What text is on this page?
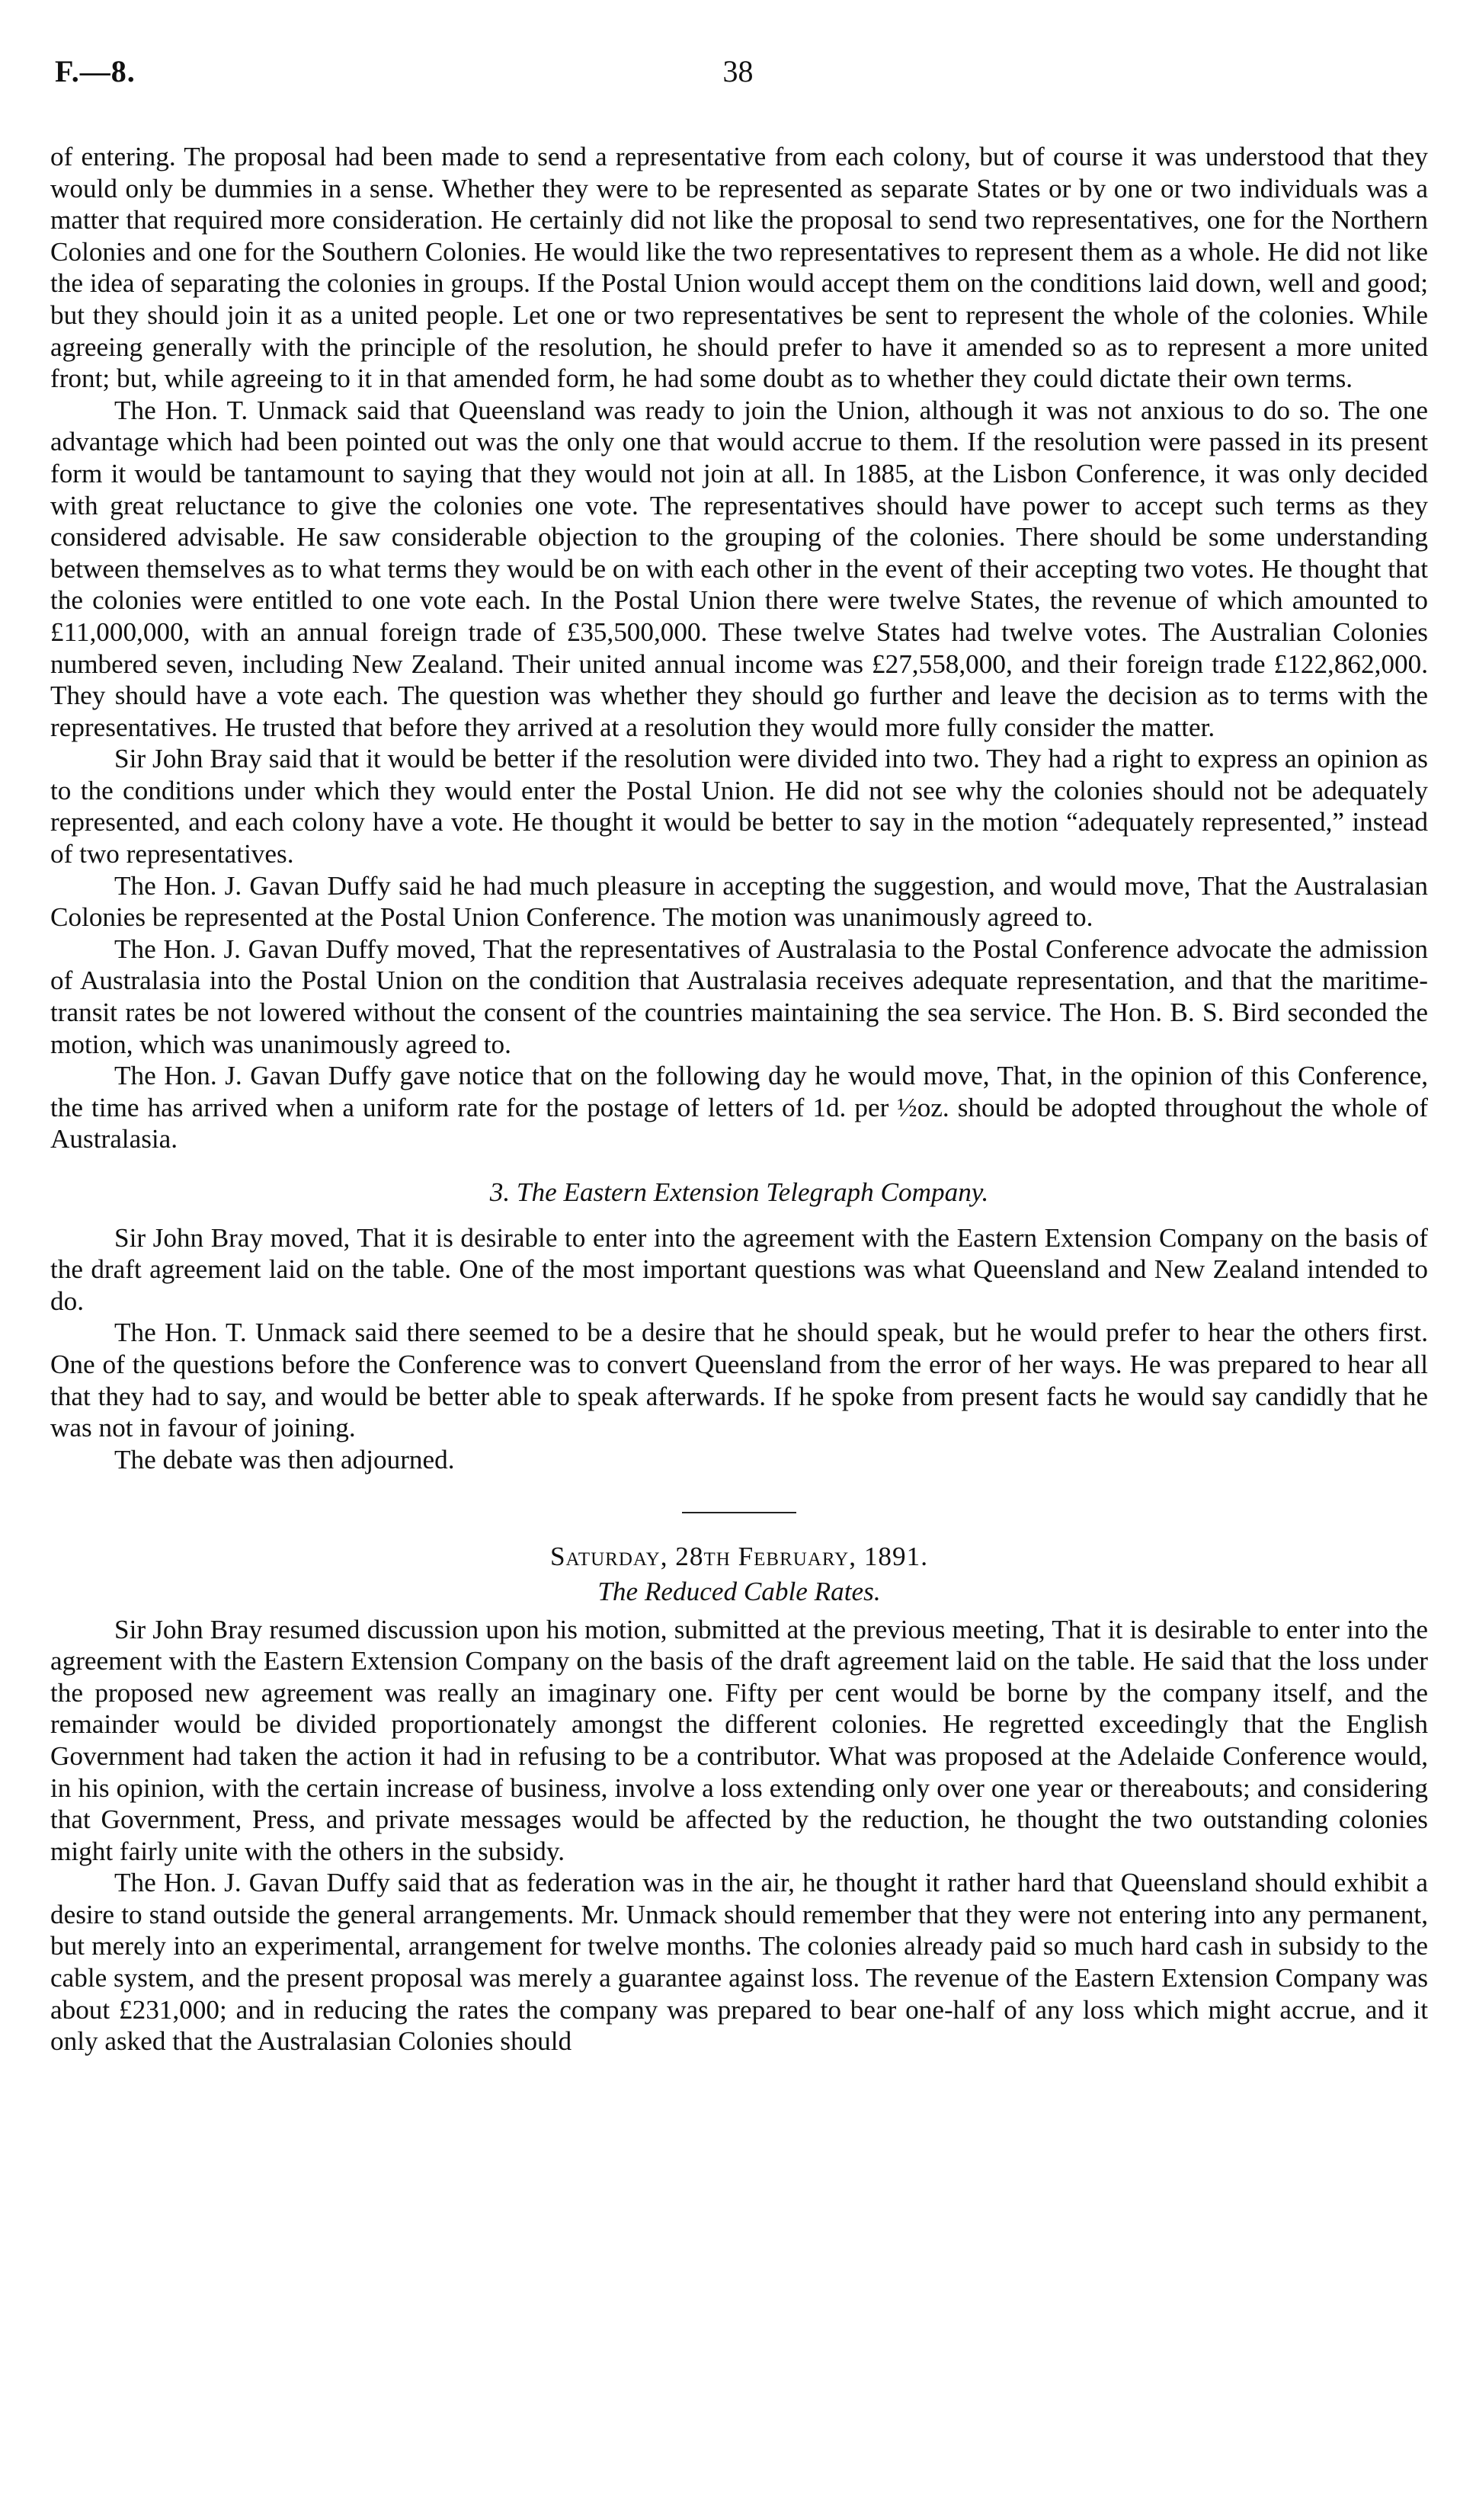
F.—8.	38

of entering. The proposal had been made to send a representative from each colony, but of course it was understood that they would only be dummies in a sense. Whether they were to be represented as separate States or by one or two individuals was a matter that required more consideration. He certainly did not like the proposal to send two representatives, one for the Northern Colonies and one for the Southern Colonies. He would like the two representatives to represent them as a whole. He did not like the idea of separating the colonies in groups. If the Postal Union would accept them on the conditions laid down, well and good; but they should join it as a united people. Let one or two representatives be sent to represent the whole of the colonies. While agreeing generally with the principle of the resolution, he should prefer to have it amended so as to represent a more united front; but, while agreeing to it in that amended form, he had some doubt as to whether they could dictate their own terms.

The Hon. T. Unmack said that Queensland was ready to join the Union, although it was not anxious to do so. The one advantage which had been pointed out was the only one that would accrue to them. If the resolution were passed in its present form it would be tantamount to saying that they would not join at all. In 1885, at the Lisbon Conference, it was only decided with great reluctance to give the colonies one vote. The representatives should have power to accept such terms as they considered advisable. He saw considerable objection to the grouping of the colonies. There should be some understanding between themselves as to what terms they would be on with each other in the event of their accepting two votes. He thought that the colonies were entitled to one vote each. In the Postal Union there were twelve States, the revenue of which amounted to £11,000,000, with an annual foreign trade of £35,500,000. These twelve States had twelve votes. The Australian Colonies numbered seven, including New Zealand. Their united annual income was £27,558,000, and their foreign trade £122,862,000. They should have a vote each. The question was whether they should go further and leave the decision as to terms with the representatives. He trusted that before they arrived at a resolution they would more fully consider the matter.

Sir John Bray said that it would be better if the resolution were divided into two. They had a right to express an opinion as to the conditions under which they would enter the Postal Union. He did not see why the colonies should not be adequately represented, and each colony have a vote. He thought it would be better to say in the motion “adequately represented,” instead of two representatives.

The Hon. J. Gavan Duffy said he had much pleasure in accepting the suggestion, and would move, That the Australasian Colonies be represented at the Postal Union Conference. The motion was unanimously agreed to.

The Hon. J. Gavan Duffy moved, That the representatives of Australasia to the Postal Conference advocate the admission of Australasia into the Postal Union on the condition that Australasia receives adequate representation, and that the maritime-transit rates be not lowered without the consent of the countries maintaining the sea service. The Hon. B. S. Bird seconded the motion, which was unanimously agreed to.

The Hon. J. Gavan Duffy gave notice that on the following day he would move, That, in the opinion of this Conference, the time has arrived when a uniform rate for the postage of letters of 1d. per ½oz. should be adopted throughout the whole of Australasia.

3. The Eastern Extension Telegraph Company.

Sir John Bray moved, That it is desirable to enter into the agreement with the Eastern Extension Company on the basis of the draft agreement laid on the table. One of the most important questions was what Queensland and New Zealand intended to do.

The Hon. T. Unmack said there seemed to be a desire that he should speak, but he would prefer to hear the others first. One of the questions before the Conference was to convert Queensland from the error of her ways. He was prepared to hear all that they had to say, and would be better able to speak afterwards. If he spoke from present facts he would say candidly that he was not in favour of joining.

The debate was then adjourned.

Saturday, 28th February, 1891.
The Reduced Cable Rates.

Sir John Bray resumed discussion upon his motion, submitted at the previous meeting, That it is desirable to enter into the agreement with the Eastern Extension Company on the basis of the draft agreement laid on the table. He said that the loss under the proposed new agreement was really an imaginary one. Fifty per cent would be borne by the company itself, and the remainder would be divided proportionately amongst the different colonies. He regretted exceedingly that the English Government had taken the action it had in refusing to be a contributor. What was proposed at the Adelaide Conference would, in his opinion, with the certain increase of business, involve a loss extending only over one year or thereabouts; and considering that Government, Press, and private messages would be affected by the reduction, he thought the two outstanding colonies might fairly unite with the others in the subsidy.

The Hon. J. Gavan Duffy said that as federation was in the air, he thought it rather hard that Queensland should exhibit a desire to stand outside the general arrangements. Mr. Unmack should remember that they were not entering into any permanent, but merely into an experimental, arrangement for twelve months. The colonies already paid so much hard cash in subsidy to the cable system, and the present proposal was merely a guarantee against loss. The revenue of the Eastern Extension Company was about £231,000; and in reducing the rates the company was prepared to bear one-half of any loss which might accrue, and it only asked that the Australasian Colonies should
